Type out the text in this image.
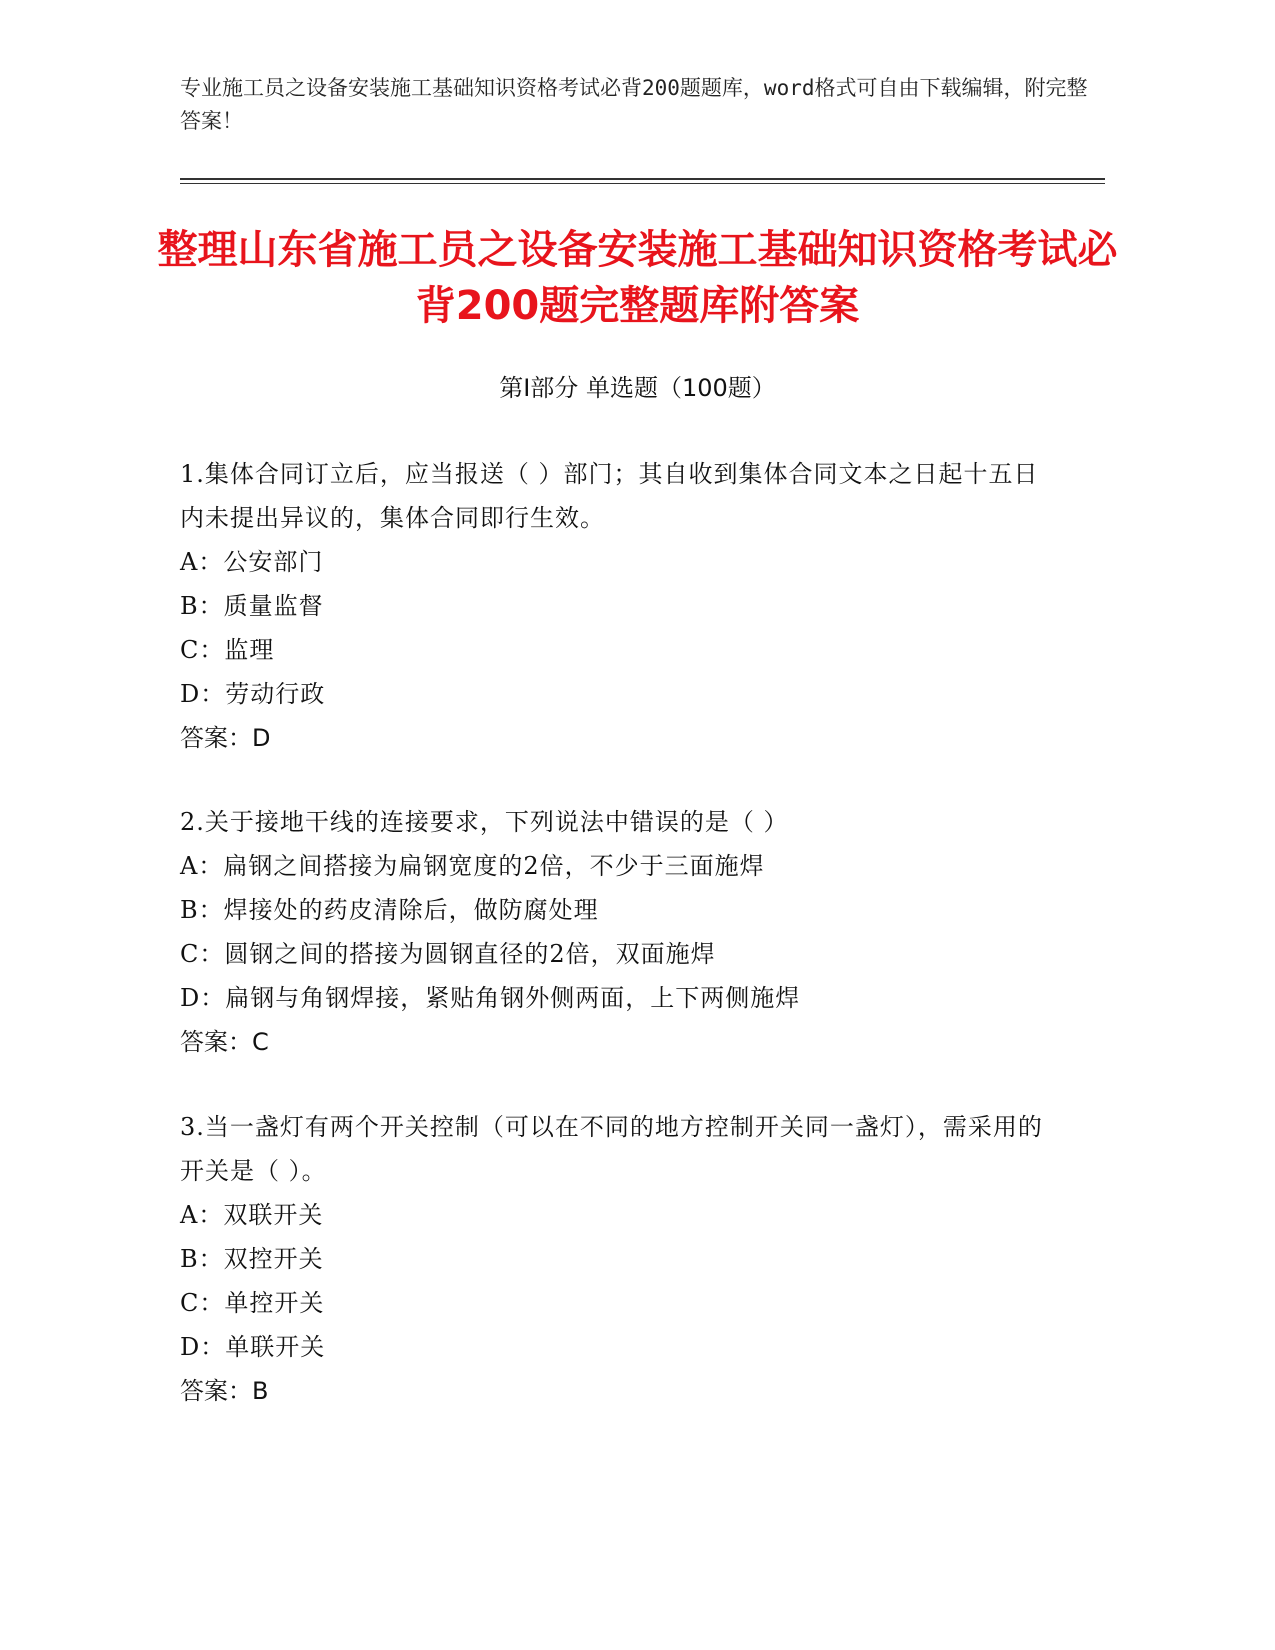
专业施工员之设备安装施工基础知识资格考试必背200题题库，word格式可自由下载编辑，附完整答案！
整理山东省施工员之设备安装施工基础知识资格考试必背200题完整题库附答案
第Ⅰ部分 单选题（100题）
1.集体合同订立后，应当报送（ ）部门；其自收到集体合同文本之日起十五日内未提出异议的，集体合同即行生效。
A：公安部门
B：质量监督
C：监理
D：劳动行政
答案：D
2.关于接地干线的连接要求，下列说法中错误的是（ ）
A：扁钢之间搭接为扁钢宽度的2倍，不少于三面施焊
B：焊接处的药皮清除后，做防腐处理
C：圆钢之间的搭接为圆钢直径的2倍，双面施焊
D：扁钢与角钢焊接，紧贴角钢外侧两面，上下两侧施焊
答案：C
3.当一盏灯有两个开关控制（可以在不同的地方控制开关同一盏灯），需采用的开关是（ ）。
A：双联开关
B：双控开关
C：单控开关
D：单联开关
答案：B
